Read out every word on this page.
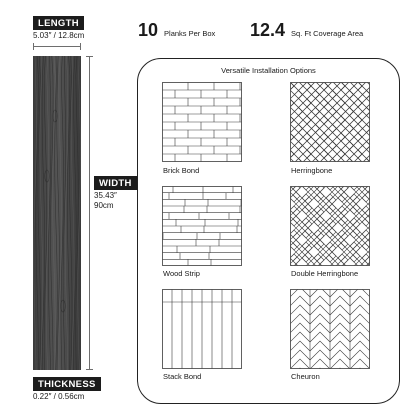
LENGTH
5.03″ / 12.8cm
WIDTH
35.43″
90cm
THICKNESS
0.22″ / 0.56cm
10 Planks Per Box 12.4 Sq. Ft Coverage Area
Versatile Installation Options
Brick Bond	Herringbone
Wood Strip	Double Herringbone
Stack Bond	Cheuron
